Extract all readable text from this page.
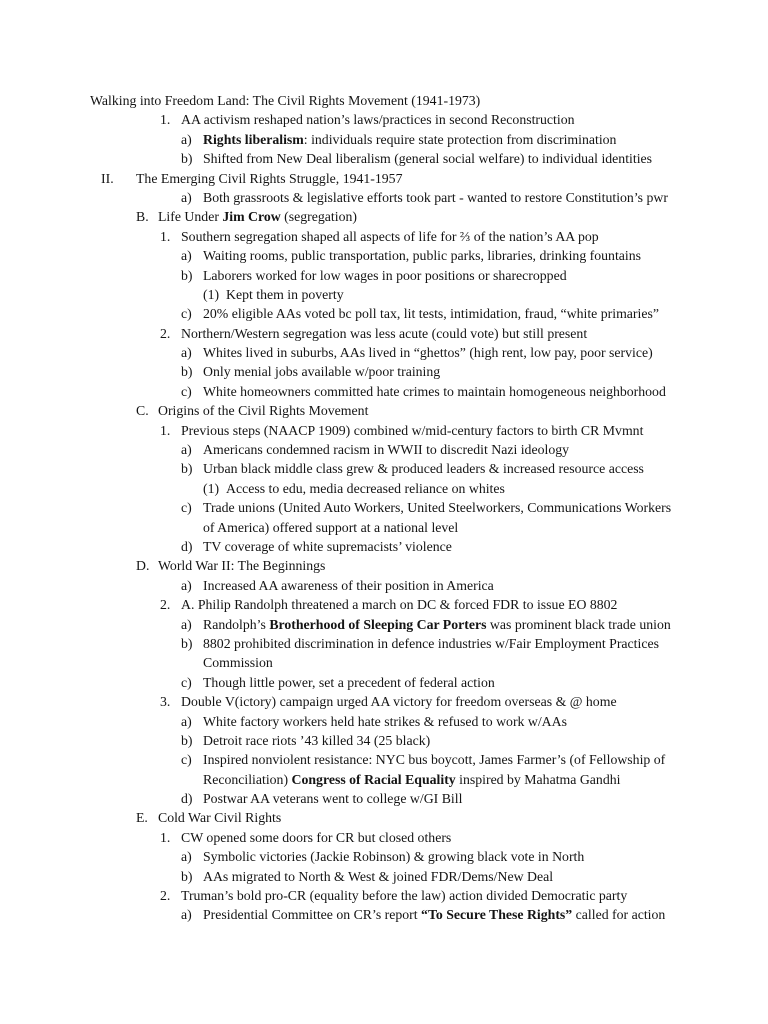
Walking into Freedom Land: The Civil Rights Movement (1941-1973)
1. AA activism reshaped nation’s laws/practices in second Reconstruction
a) Rights liberalism: individuals require state protection from discrimination
b) Shifted from New Deal liberalism (general social welfare) to individual identities
II. The Emerging Civil Rights Struggle, 1941-1957
a) Both grassroots & legislative efforts took part - wanted to restore Constitution’s pwr
B. Life Under Jim Crow (segregation)
1. Southern segregation shaped all aspects of life for ⅔ of the nation’s AA pop
a) Waiting rooms, public transportation, public parks, libraries, drinking fountains
b) Laborers worked for low wages in poor positions or sharecropped
(1) Kept them in poverty
c) 20% eligible AAs voted bc poll tax, lit tests, intimidation, fraud, “white primaries”
2. Northern/Western segregation was less acute (could vote) but still present
a) Whites lived in suburbs, AAs lived in “ghettos” (high rent, low pay, poor service)
b) Only menial jobs available w/poor training
c) White homeowners committed hate crimes to maintain homogeneous neighborhood
C. Origins of the Civil Rights Movement
1. Previous steps (NAACP 1909) combined w/mid-century factors to birth CR Mvmnt
a) Americans condemned racism in WWII to discredit Nazi ideology
b) Urban black middle class grew & produced leaders & increased resource access
(1) Access to edu, media decreased reliance on whites
c) Trade unions (United Auto Workers, United Steelworkers, Communications Workers
of America) offered support at a national level
d) TV coverage of white supremacists’ violence
D. World War II: The Beginnings
a) Increased AA awareness of their position in America
2. A. Philip Randolph threatened a march on DC & forced FDR to issue EO 8802
a) Randolph’s Brotherhood of Sleeping Car Porters was prominent black trade union
b) 8802 prohibited discrimination in defence industries w/Fair Employment Practices
Commission
c) Though little power, set a precedent of federal action
3. Double V(ictory) campaign urged AA victory for freedom overseas & @ home
a) White factory workers held hate strikes & refused to work w/AAs
b) Detroit race riots ’43 killed 34 (25 black)
c) Inspired nonviolent resistance: NYC bus boycott, James Farmer’s (of Fellowship of
Reconciliation) Congress of Racial Equality inspired by Mahatma Gandhi
d) Postwar AA veterans went to college w/GI Bill
E. Cold War Civil Rights
1. CW opened some doors for CR but closed others
a) Symbolic victories (Jackie Robinson) & growing black vote in North
b) AAs migrated to North & West & joined FDR/Dems/New Deal
2. Truman’s bold pro-CR (equality before the law) action divided Democratic party
a) Presidential Committee on CR’s report “To Secure These Rights” called for action
